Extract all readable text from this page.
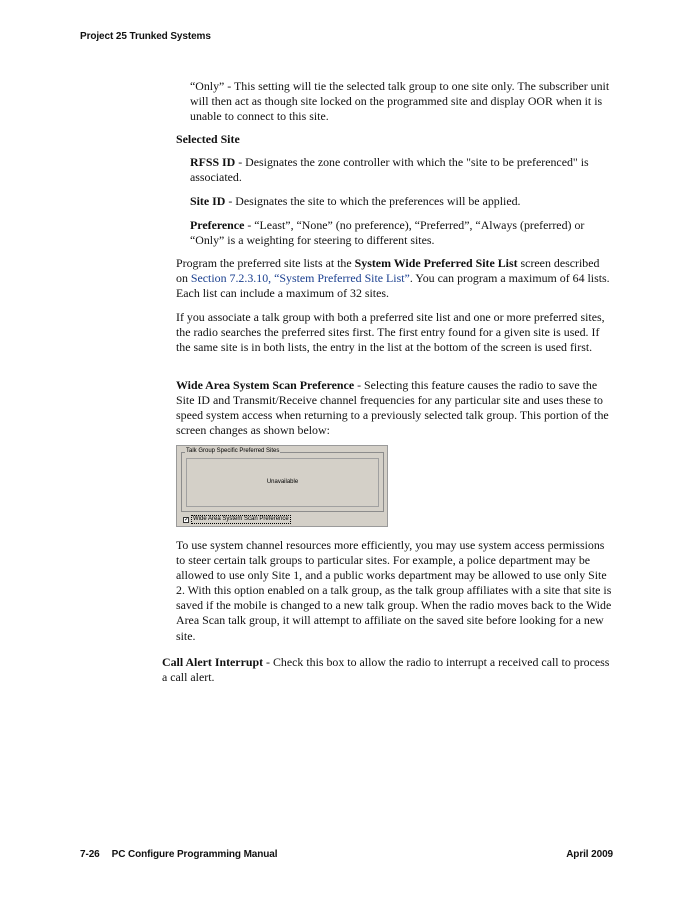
Project 25 Trunked Systems

“Only” - This setting will tie the selected talk group to one site only. The subscriber unit will then act as though site locked on the programmed site and display OOR when it is unable to connect to this site.

Selected Site

RFSS ID - Designates the zone controller with which the "site to be preferenced" is associated.

Site ID - Designates the site to which the preferences will be applied.

Preference - “Least”, “None” (no preference), “Preferred”, “Always (preferred) or “Only” is a weighting for steering to different sites.

Program the preferred site lists at the System Wide Preferred Site List screen described on Section 7.2.3.10, “System Preferred Site List”. You can program a maximum of 64 lists. Each list can include a maximum of 32 sites.

If you associate a talk group with both a preferred site list and one or more preferred sites, the radio searches the preferred sites first. The first entry found for a given site is used. If the same site is in both lists, the entry in the list at the bottom of the screen is used first.

Wide Area System Scan Preference - Selecting this feature causes the radio to save the Site ID and Transmit/Receive channel frequencies for any particular site and uses these to speed system access when returning to a previously selected talk group. This portion of the screen changes as shown below:

Talk Group Specific Preferred Sites
Unavailable
✓ Wide Area System Scan Preference

To use system channel resources more efficiently, you may use system access permissions to steer certain talk groups to particular sites. For example, a police department may be allowed to use only Site 1, and a public works department may be allowed to use only Site 2. With this option enabled on a talk group, as the talk group affiliates with a site that site is saved if the mobile is changed to a new talk group. When the radio moves back to the Wide Area Scan talk group, it will attempt to affiliate on the saved site before looking for a new site.

Call Alert Interrupt - Check this box to allow the radio to interrupt a received call to process a call alert.

7-26 PC Configure Programming Manual	April 2009
